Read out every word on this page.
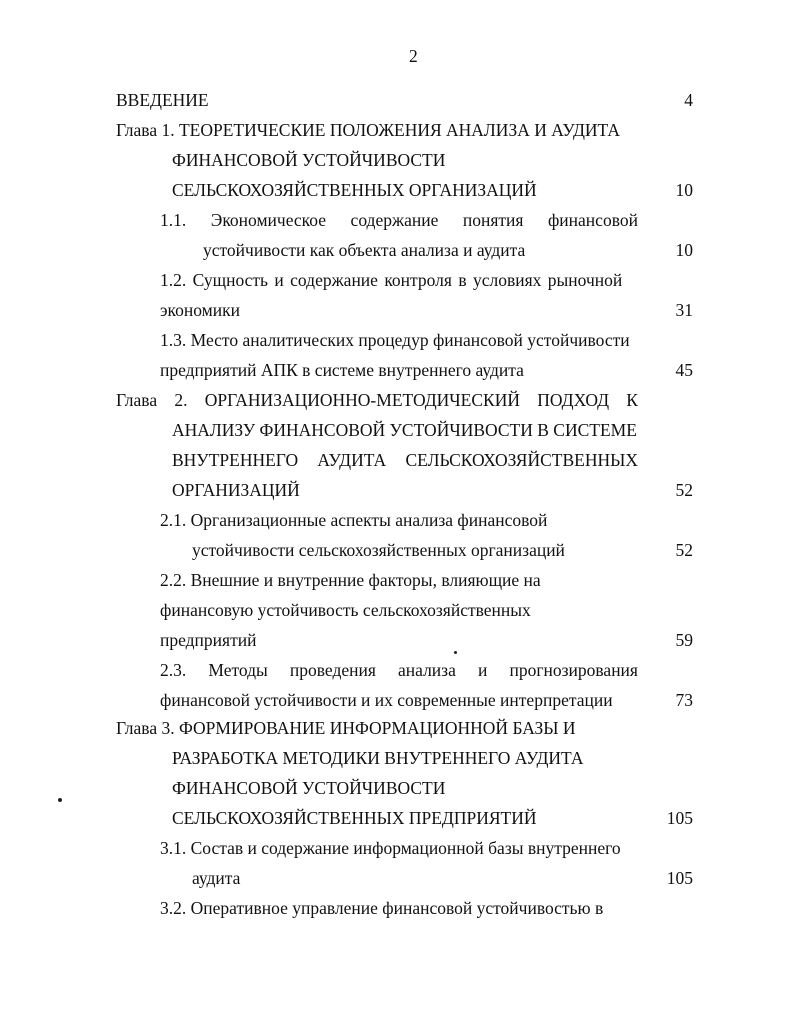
2
ВВЕДЕНИЕ	4
Глава 1. ТЕОРЕТИЧЕСКИЕ ПОЛОЖЕНИЯ АНАЛИЗА И АУДИТА
ФИНАНСОВОЙ УСТОЙЧИВОСТИ
СЕЛЬСКОХОЗЯЙСТВЕННЫХ ОРГАНИЗАЦИЙ	10
1.1. Экономическое содержание понятия финансовой
устойчивости как объекта анализа и аудита	10
1.2. Сущность и содержание контроля в условиях рыночной
экономики	31
1.3. Место аналитических процедур финансовой устойчивости
предприятий АПК в системе внутреннего аудита	45
Глава 2. ОРГАНИЗАЦИОННО-МЕТОДИЧЕСКИЙ ПОДХОД К
АНАЛИЗУ ФИНАНСОВОЙ УСТОЙЧИВОСТИ В СИСТЕМЕ
ВНУТРЕННЕГО АУДИТА СЕЛЬСКОХОЗЯЙСТВЕННЫХ
ОРГАНИЗАЦИЙ	52
2.1. Организационные аспекты анализа финансовой
устойчивости сельскохозяйственных организаций	52
2.2. Внешние и внутренние факторы, влияющие на
финансовую устойчивость сельскохозяйственных
предприятий	59
2.3. Методы проведения анализа и прогнозирования
финансовой устойчивости и их современные интерпретации	73
Глава 3. ФОРМИРОВАНИЕ ИНФОРМАЦИОННОЙ БАЗЫ И
РАЗРАБОТКА МЕТОДИКИ ВНУТРЕННЕГО АУДИТА
ФИНАНСОВОЙ УСТОЙЧИВОСТИ
СЕЛЬСКОХОЗЯЙСТВЕННЫХ ПРЕДПРИЯТИЙ	105
3.1. Состав и содержание информационной базы внутреннего
аудита	105
3.2. Оперативное управление финансовой устойчивостью в
